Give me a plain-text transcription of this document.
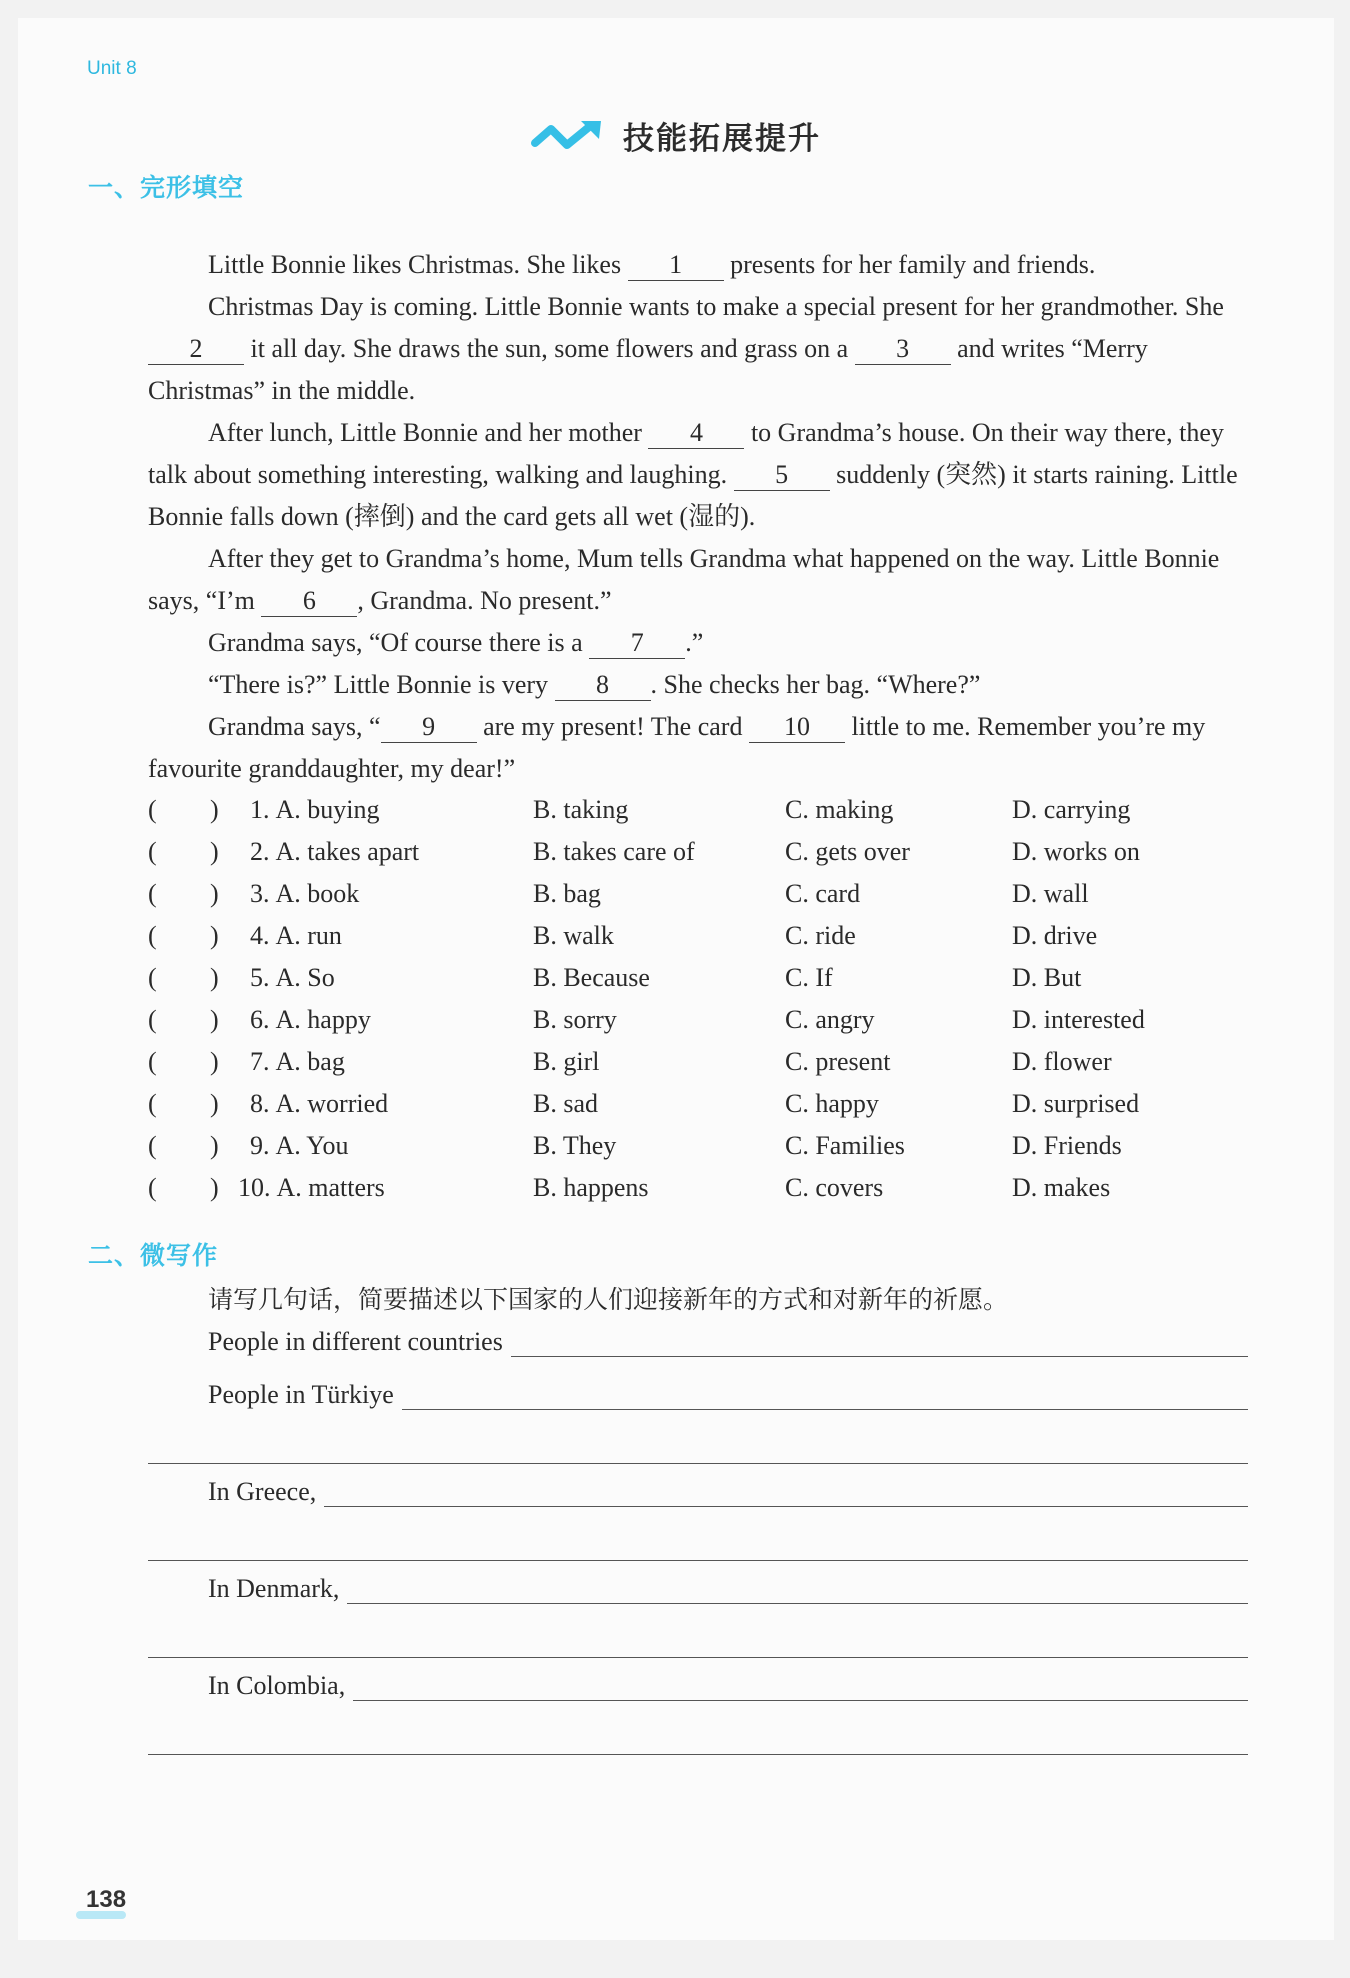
Unit 8
技能拓展提升
一、完形填空

Little Bonnie likes Christmas. She likes 1 presents for her family and friends.

Christmas Day is coming. Little Bonnie wants to make a special present for her grandmother. She 2 it all day. She draws the sun, some flowers and grass on a 3 and writes “Merry Christmas” in the middle.

After lunch, Little Bonnie and her mother 4 to Grandma’s house. On their way there, they talk about something interesting, walking and laughing. 5 suddenly (突然) it starts raining. Little Bonnie falls down (摔倒) and the card gets all wet (湿的).

After they get to Grandma’s home, Mum tells Grandma what happened on the way. Little Bonnie says, “I’m 6 , Grandma. No present.”

Grandma says, “Of course there is a 7 .”

“There is?” Little Bonnie is very 8 . She checks her bag. “Where?”

Grandma says, “ 9 are my present! The card 10 little to me. Remember you’re my favourite granddaughter, my dear!”

( ) 1. A. buying	B. taking	C. making	D. carrying
( ) 2. A. takes apart	B. takes care of	C. gets over	D. works on
( ) 3. A. book	B. bag	C. card	D. wall
( ) 4. A. run	B. walk	C. ride	D. drive
( ) 5. A. So	B. Because	C. If	D. But
( ) 6. A. happy	B. sorry	C. angry	D. interested
( ) 7. A. bag	B. girl	C. present	D. flower
( ) 8. A. worried	B. sad	C. happy	D. surprised
( ) 9. A. You	B. They	C. Families	D. Friends
( ) 10. A. matters	B. happens	C. covers	D. makes
二、微写作
请写几句话，简要描述以下国家的人们迎接新年的方式和对新年的祈愿。
People in different countries
People in Türkiye
In Greece,
In Denmark,
In Colombia,
138
